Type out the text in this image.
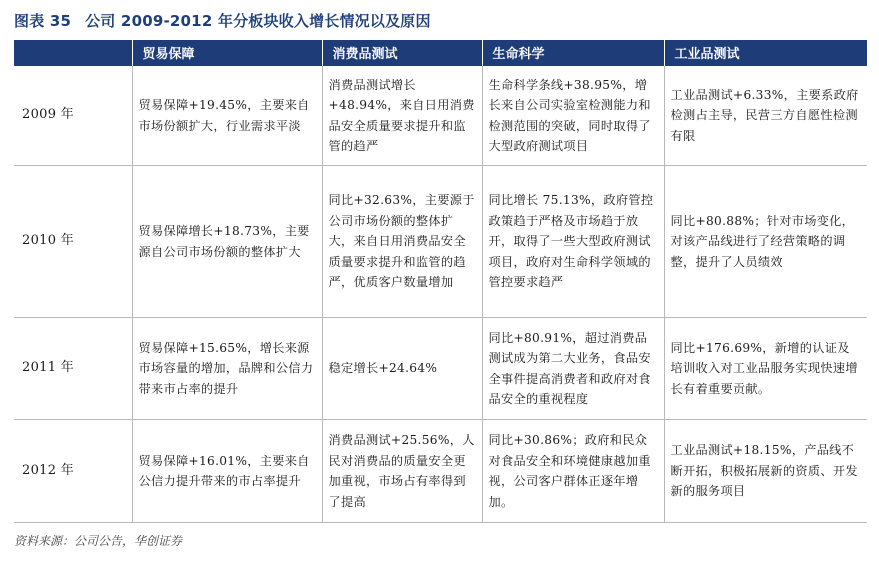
图表 35 公司 2009-2012 年分板块收入增长情况以及原因
	贸易保障	消费品测试	生命科学	工业品测试
2009 年	贸易保障+19.45%，主要来自市场份额扩大，行业需求平淡	消费品测试增长+48.94%，来自日用消费品安全质量要求提升和监管的趋严	生命科学条线+38.95%，增长来自公司实验室检测能力和检测范围的突破，同时取得了大型政府测试项目	工业品测试+6.33%，主要系政府检测占主导，民营三方自愿性检测有限
2010 年	贸易保障增长+18.73%，主要源自公司市场份额的整体扩大	同比+32.63%，主要源于公司市场份额的整体扩大，来自日用消费品安全质量要求提升和监管的趋严，优质客户数量增加	同比增长 75.13%，政府管控政策趋于严格及市场趋于放开，取得了一些大型政府测试项目，政府对生命科学领域的管控要求趋严	同比+80.88%；针对市场变化，对该产品线进行了经营策略的调整，提升了人员绩效
2011 年	贸易保障+15.65%，增长来源市场容量的增加，品牌和公信力带来市占率的提升	稳定增长+24.64%	同比+80.91%，超过消费品测试成为第二大业务，食品安全事件提高消费者和政府对食品安全的重视程度	同比+176.69%，新增的认证及培训收入对工业品服务实现快速增长有着重要贡献。
2012 年	贸易保障+16.01%，主要来自公信力提升带来的市占率提升	消费品测试+25.56%，人民对消费品的质量安全更加重视，市场占有率得到了提高	同比+30.86%；政府和民众对食品安全和环境健康越加重视，公司客户群体正逐年增加。	工业品测试+18.15%，产品线不断开拓，积极拓展新的资质、开发新的服务项目
资料来源：公司公告，华创证券
